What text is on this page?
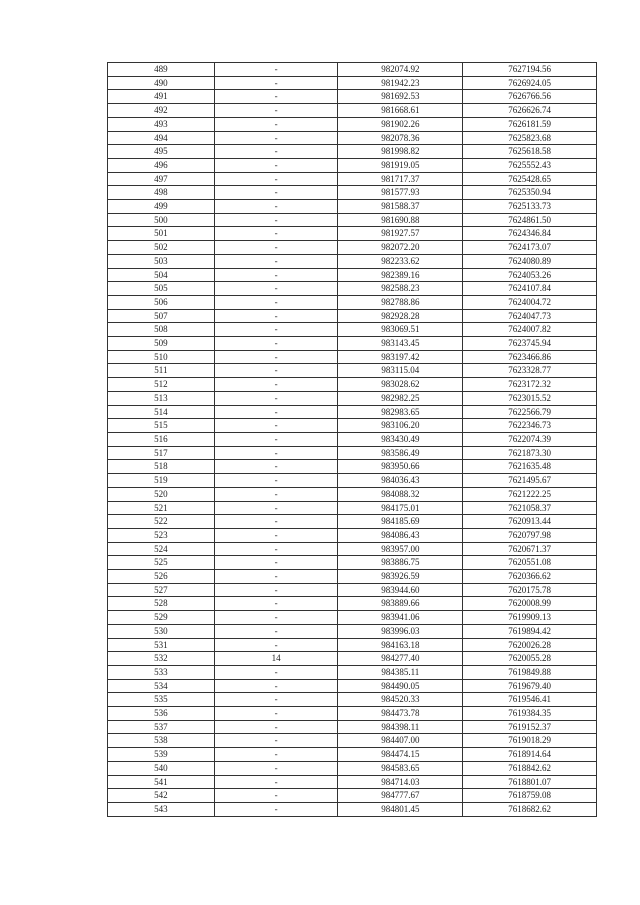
489	-	982074.92	7627194.56
490	-	981942.23	7626924.05
491	-	981692.53	7626766.56
492	-	981668.61	7626626.74
493	-	981902.26	7626181.59
494	-	982078.36	7625823.68
495	-	981998.82	7625618.58
496	-	981919.05	7625552.43
497	-	981717.37	7625428.65
498	-	981577.93	7625350.94
499	-	981588.37	7625133.73
500	-	981690.88	7624861.50
501	-	981927.57	7624346.84
502	-	982072.20	7624173.07
503	-	982233.62	7624080.89
504	-	982389.16	7624053.26
505	-	982588.23	7624107.84
506	-	982788.86	7624004.72
507	-	982928.28	7624047.73
508	-	983069.51	7624007.82
509	-	983143.45	7623745.94
510	-	983197.42	7623466.86
511	-	983115.04	7623328.77
512	-	983028.62	7623172.32
513	-	982982.25	7623015.52
514	-	982983.65	7622566.79
515	-	983106.20	7622346.73
516	-	983430.49	7622074.39
517	-	983586.49	7621873.30
518	-	983950.66	7621635.48
519	-	984036.43	7621495.67
520	-	984088.32	7621222.25
521	-	984175.01	7621058.37
522	-	984185.69	7620913.44
523	-	984086.43	7620797.98
524	-	983957.00	7620671.37
525	-	983886.75	7620551.08
526	-	983926.59	7620366.62
527	-	983944.60	7620175.78
528	-	983889.66	7620008.99
529	-	983941.06	7619909.13
530	-	983996.03	7619894.42
531	-	984163.18	7620026.28
532	14	984277.40	7620055.28
533	-	984385.11	7619849.88
534	-	984490.05	7619679.40
535	-	984520.33	7619546.41
536	-	984473.78	7619384.35
537	-	984398.11	7619152.37
538	-	984407.00	7619018.29
539	-	984474.15	7618914.64
540	-	984583.65	7618842.62
541	-	984714.03	7618801.07
542	-	984777.67	7618759.08
543	-	984801.45	7618682.62
